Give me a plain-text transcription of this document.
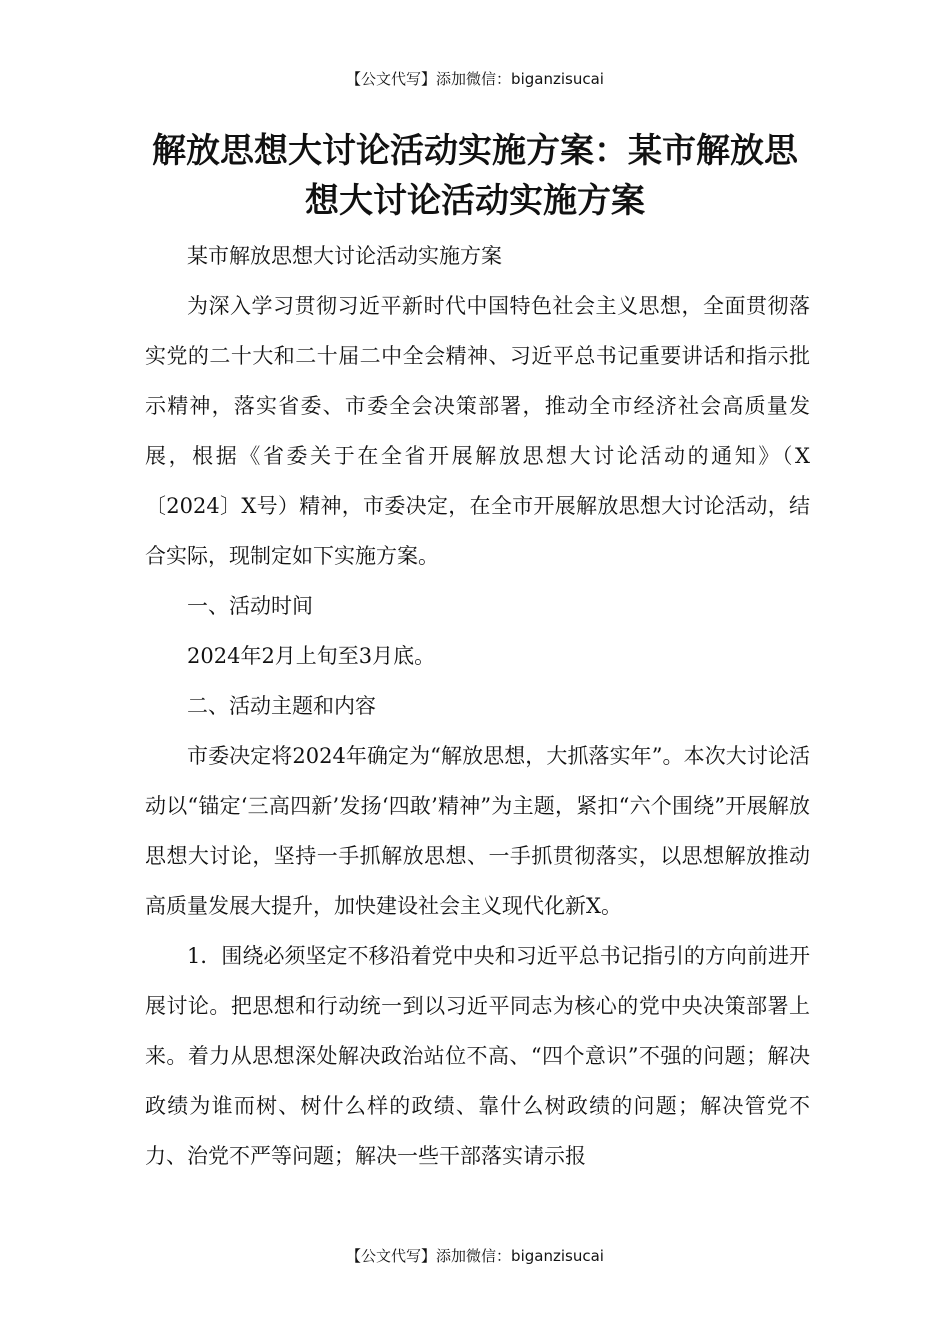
【公文代写】添加微信：biganzisucai
解放思想大讨论活动实施方案：某市解放思想大讨论活动实施方案

某市解放思想大讨论活动实施方案

为深入学习贯彻习近平新时代中国特色社会主义思想，全面贯彻落实党的二十大和二十届二中全会精神、习近平总书记重要讲话和指示批示精神，落实省委、市委全会决策部署，推动全市经济社会高质量发展，根据《省委关于在全省开展解放思想大讨论活动的通知》（X〔2024〕X号）精神，市委决定，在全市开展解放思想大讨论活动，结合实际，现制定如下实施方案。

一、活动时间

2024年2月上旬至3月底。

二、活动主题和内容

市委决定将2024年确定为“解放思想，大抓落实年”。本次大讨论活动以“锚定‘三高四新’发扬‘四敢’精神”为主题，紧扣“六个围绕”开展解放思想大讨论，坚持一手抓解放思想、一手抓贯彻落实，以思想解放推动高质量发展大提升，加快建设社会主义现代化新X。

1．围绕必须坚定不移沿着党中央和习近平总书记指引的方向前进开展讨论。把思想和行动统一到以习近平同志为核心的党中央决策部署上来。着力从思想深处解决政治站位不高、“四个意识”不强的问题；解决政绩为谁而树、树什么样的政绩、靠什么树政绩的问题；解决管党不力、治党不严等问题；解决一些干部落实请示报

【公文代写】添加微信：biganzisucai
